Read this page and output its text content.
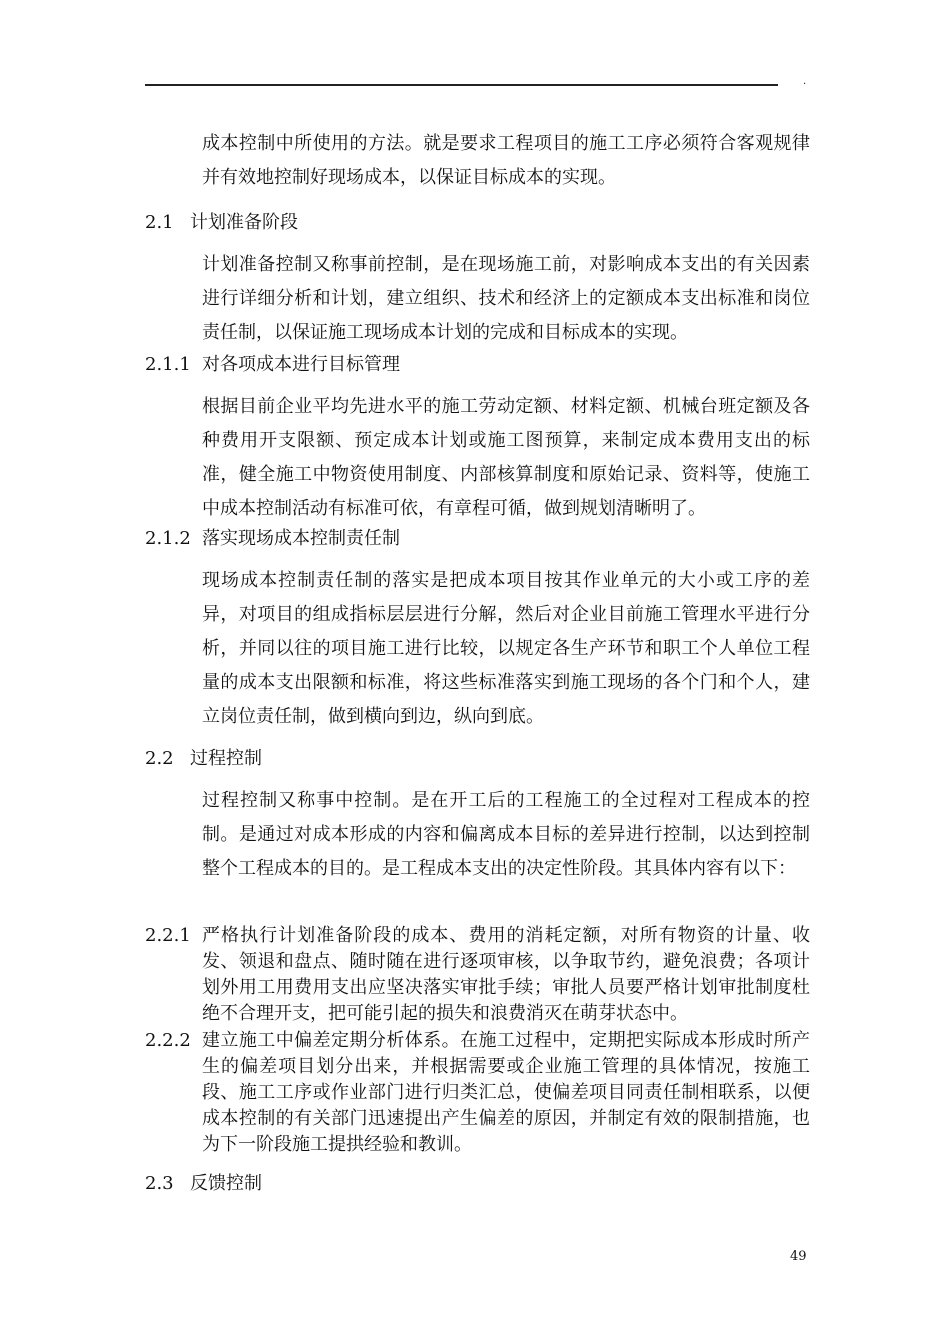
.

成本控制中所使用的方法。就是要求工程项目的施工工序必须符合客观规律并有效地控制好现场成本，以保证目标成本的实现。

2.1 计划准备阶段

计划准备控制又称事前控制，是在现场施工前，对影响成本支出的有关因素进行详细分析和计划，建立组织、技术和经济上的定额成本支出标准和岗位责任制，以保证施工现场成本计划的完成和目标成本的实现。

2.1.1 对各项成本进行目标管理

根据目前企业平均先进水平的施工劳动定额、材料定额、机械台班定额及各种费用开支限额、预定成本计划或施工图预算，来制定成本费用支出的标准，健全施工中物资使用制度、内部核算制度和原始记录、资料等，使施工中成本控制活动有标准可依，有章程可循，做到规划清晰明了。

2.1.2 落实现场成本控制责任制

现场成本控制责任制的落实是把成本项目按其作业单元的大小或工序的差异，对项目的组成指标层层进行分解，然后对企业目前施工管理水平进行分析，并同以往的项目施工进行比较，以规定各生产环节和职工个人单位工程量的成本支出限额和标准，将这些标准落实到施工现场的各个门和个人，建立岗位责任制，做到横向到边，纵向到底。

2.2 过程控制

过程控制又称事中控制。是在开工后的工程施工的全过程对工程成本的控制。是通过对成本形成的内容和偏离成本目标的差异进行控制，以达到控制整个工程成本的目的。是工程成本支出的决定性阶段。其具体内容有以下：

2.2.1 严格执行计划准备阶段的成本、费用的消耗定额，对所有物资的计量、收发、领退和盘点、随时随在进行逐项审核，以争取节约，避免浪费；各项计划外用工用费用支出应坚决落实审批手续；审批人员要严格计划审批制度杜绝不合理开支，把可能引起的损失和浪费消灭在萌芽状态中。

2.2.2 建立施工中偏差定期分析体系。在施工过程中，定期把实际成本形成时所产生的偏差项目划分出来，并根据需要或企业施工管理的具体情况，按施工段、施工工序或作业部门进行归类汇总，使偏差项目同责任制相联系，以便成本控制的有关部门迅速提出产生偏差的原因，并制定有效的限制措施，也为下一阶段施工提拱经验和教训。

2.3 反馈控制
49
